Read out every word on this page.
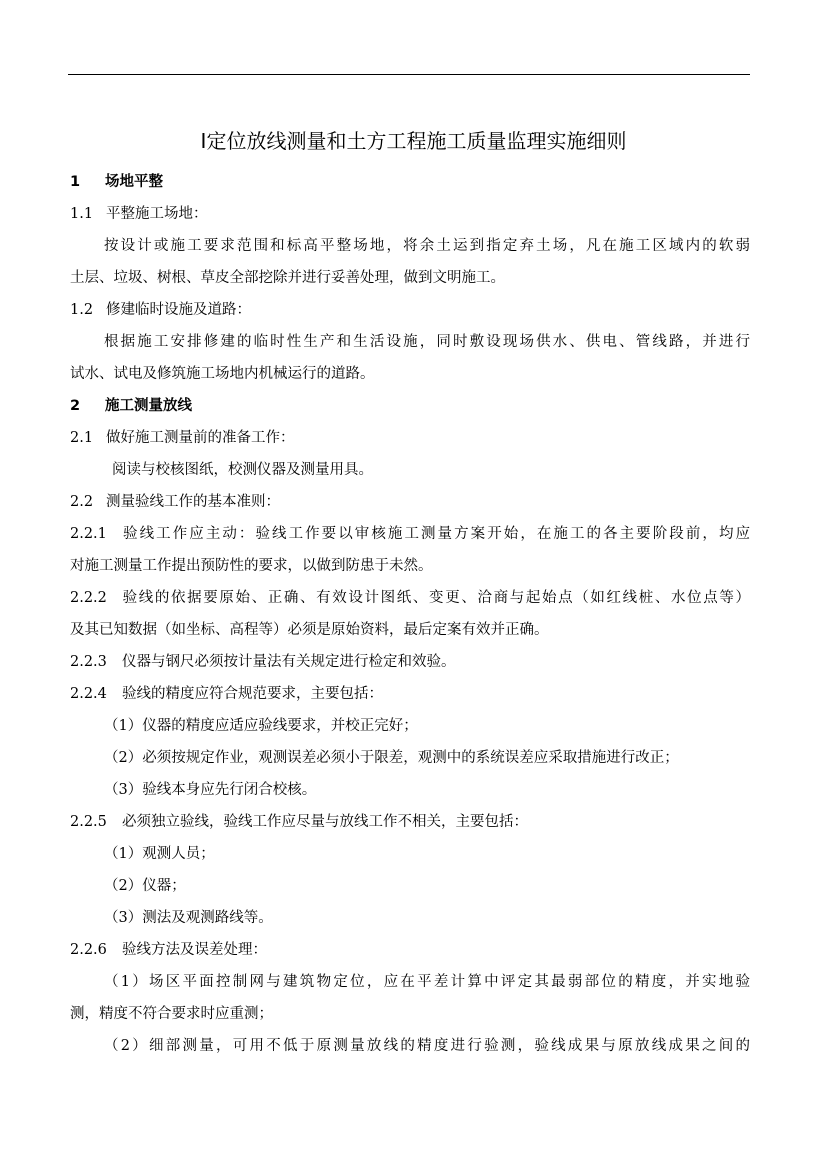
Ⅰ定位放线测量和土方工程施工质量监理实施细则
1 场地平整
1.1 平整施工场地：
按设计或施工要求范围和标高平整场地，将余土运到指定弃土场，凡在施工区域内的软弱
土层、垃圾、树根、草皮全部挖除并进行妥善处理，做到文明施工。
1.2 修建临时设施及道路：
根据施工安排修建的临时性生产和生活设施，同时敷设现场供水、供电、管线路，并进行
试水、试电及修筑施工场地内机械运行的道路。
2 施工测量放线
2.1 做好施工测量前的准备工作：
阅读与校核图纸，校测仪器及测量用具。
2.2 测量验线工作的基本准则：
2.2.1 验线工作应主动：验线工作要以审核施工测量方案开始，在施工的各主要阶段前，均应
对施工测量工作提出预防性的要求，以做到防患于未然。
2.2.2 验线的依据要原始、正确、有效设计图纸、变更、洽商与起始点（如红线桩、水位点等）
及其已知数据（如坐标、高程等）必须是原始资料，最后定案有效并正确。
2.2.3 仪器与钢尺必须按计量法有关规定进行检定和效验。
2.2.4 验线的精度应符合规范要求，主要包括：
（1）仪器的精度应适应验线要求，并校正完好；
（2）必须按规定作业，观测误差必须小于限差，观测中的系统误差应采取措施进行改正；
（3）验线本身应先行闭合校核。
2.2.5 必须独立验线，验线工作应尽量与放线工作不相关，主要包括：
（1）观测人员；
（2）仪器；
（3）测法及观测路线等。
2.2.6 验线方法及误差处理：
（1）场区平面控制网与建筑物定位，应在平差计算中评定其最弱部位的精度，并实地验
测，精度不符合要求时应重测；
（2）细部测量，可用不低于原测量放线的精度进行验测，验线成果与原放线成果之间的
